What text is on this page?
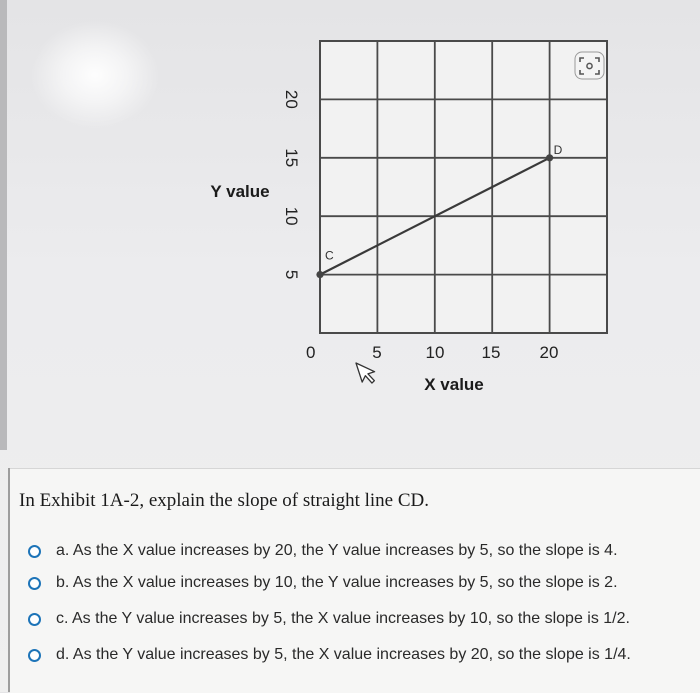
C
D
20
15
10
5
0	5	10 15 20
Y value
X value

In Exhibit 1A-2, explain the slope of straight line CD.

a. As the X value increases by 20, the Y value increases by 5, so the slope is 4.
b. As the X value increases by 10, the Y value increases by 5, so the slope is 2.
c. As the Y value increases by 5, the X value increases by 10, so the slope is 1/2.
d. As the Y value increases by 5, the X value increases by 20, so the slope is 1/4.
